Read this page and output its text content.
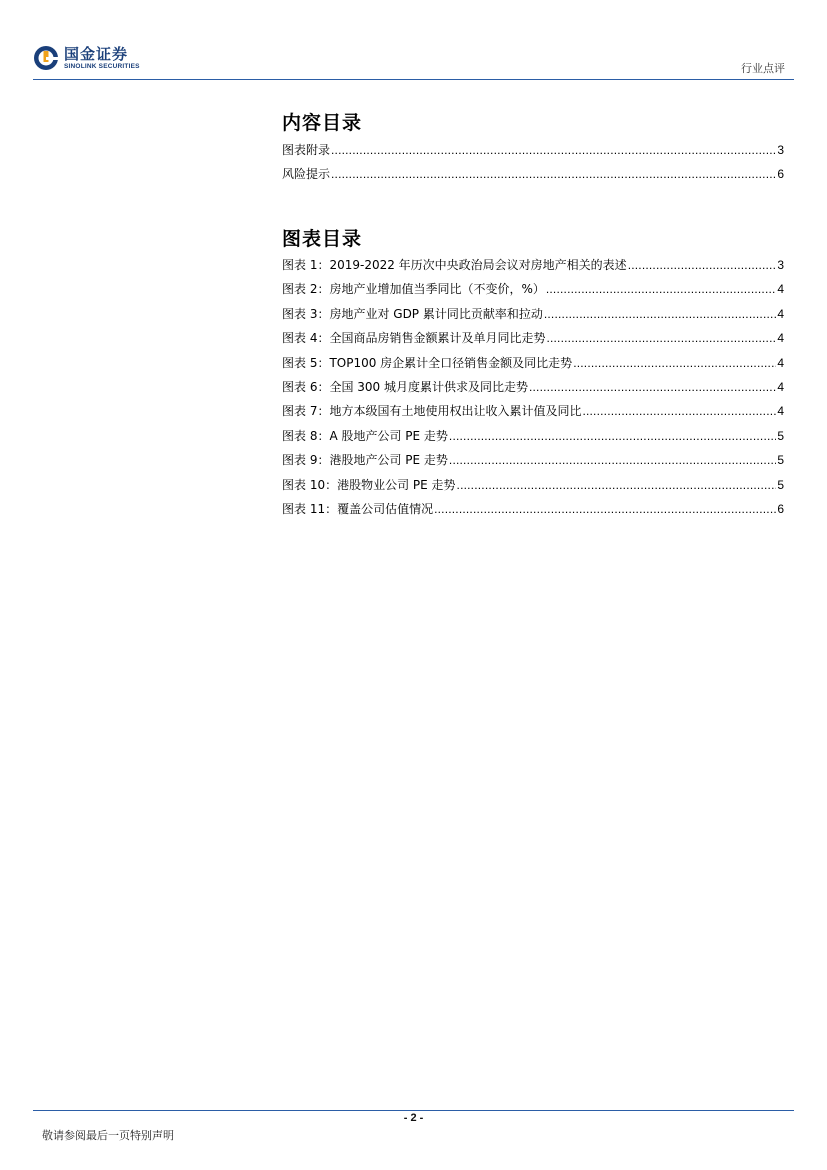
国金证券
SINOLINK SECURITIES	行业点评
内容目录
图表附录 .....	3
风险提示 .....	6
图表目录
图表 1：2019-2022 年历次中央政治局会议对房地产相关的表述 .....	3
图表 2：房地产业增加值当季同比（不变价，%） .....	4
图表 3：房地产业对 GDP 累计同比贡献率和拉动 .....	4
图表 4：全国商品房销售金额累计及单月同比走势 .....	4
图表 5：TOP100 房企累计全口径销售金额及同比走势 .....	4
图表 6：全国 300 城月度累计供求及同比走势 .....	4
图表 7：地方本级国有土地使用权出让收入累计值及同比 .....	4
图表 8：A 股地产公司 PE 走势 .....	5
图表 9：港股地产公司 PE 走势 .....	5
图表 10：港股物业公司 PE 走势 .....	5
图表 11：覆盖公司估值情况 .....	6
- 2 -
敬请参阅最后一页特别声明
